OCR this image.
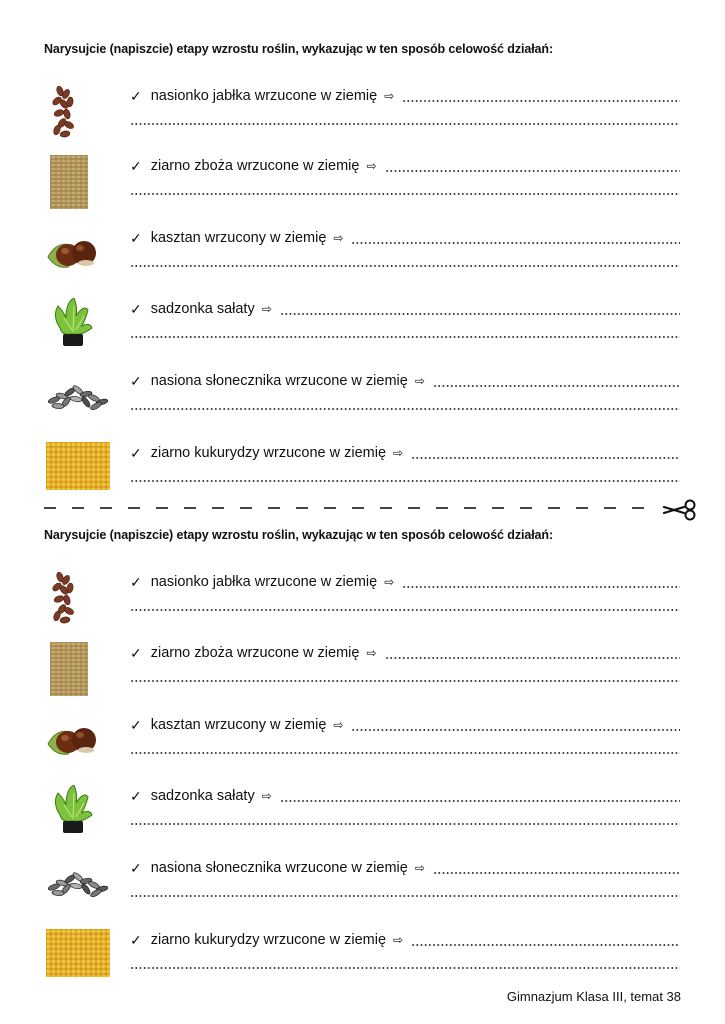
Narysujcie (napiszcie) etapy wzrostu roślin, wykazując w ten sposób celowość działań:
✓ nasionko jabłka wrzucone w ziemię ⇨
✓ ziarno zboża wrzucone w ziemię ⇨
✓ kasztan wrzucony w ziemię ⇨
✓ sadzonka sałaty ⇨
✓ nasiona słonecznika wrzucone w ziemię ⇨
✓ ziarno kukurydzy wrzucone w ziemię ⇨
Narysujcie (napiszcie) etapy wzrostu roślin, wykazując w ten sposób celowość działań:
✓ nasionko jabłka wrzucone w ziemię ⇨
✓ ziarno zboża wrzucone w ziemię ⇨
✓ kasztan wrzucony w ziemię ⇨
✓ sadzonka sałaty ⇨
✓ nasiona słonecznika wrzucone w ziemię ⇨
✓ ziarno kukurydzy wrzucone w ziemię ⇨
Gimnazjum Klasa III, temat 38
